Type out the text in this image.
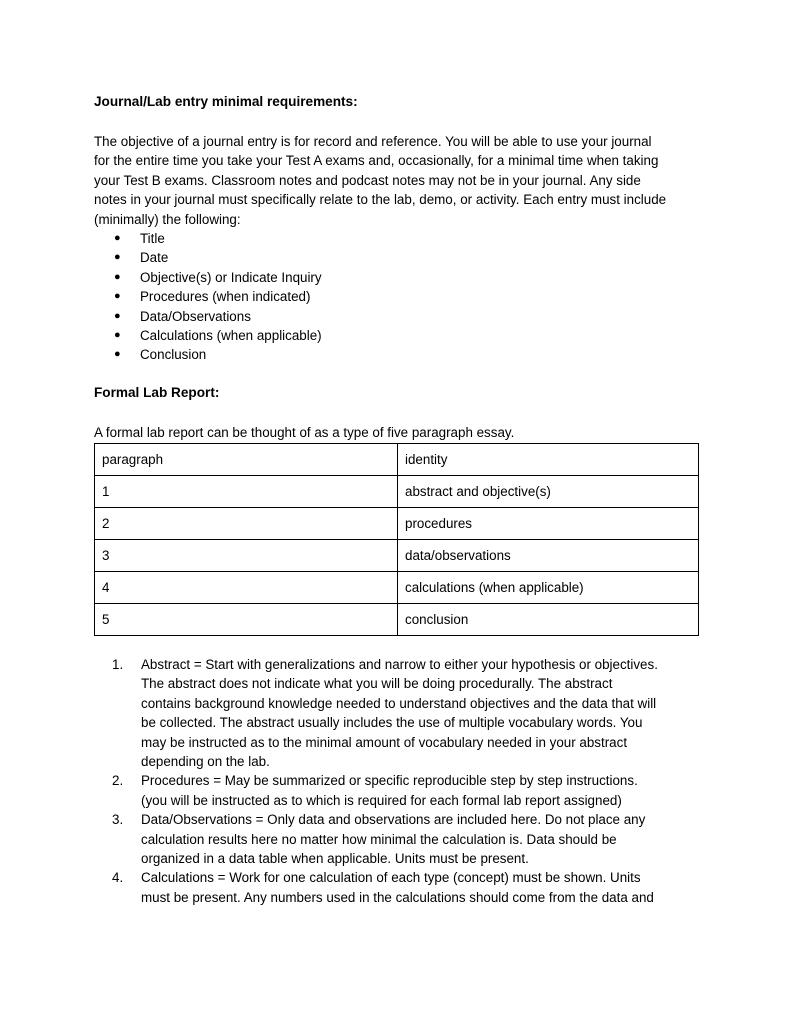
Journal/Lab entry minimal requirements:
The objective of a journal entry is for record and reference. You will be able to use your journal
for the entire time you take your Test A exams and, occasionally, for a minimal time when taking
your Test B exams. Classroom notes and podcast notes may not be in your journal. Any side
notes in your journal must specifically relate to the lab, demo, or activity. Each entry must include
(minimally) the following:
● Title
● Date
● Objective(s) or Indicate Inquiry
● Procedures (when indicated)
● Data/Observations
● Calculations (when applicable)
● Conclusion
Formal Lab Report:
A formal lab report can be thought of as a type of five paragraph essay.
paragraph	identity
1	abstract and objective(s)
2	procedures
3	data/observations
4	calculations (when applicable)
5	conclusion
1. Abstract = Start with generalizations and narrow to either your hypothesis or objectives.
The abstract does not indicate what you will be doing procedurally. The abstract
contains background knowledge needed to understand objectives and the data that will
be collected. The abstract usually includes the use of multiple vocabulary words. You
may be instructed as to the minimal amount of vocabulary needed in your abstract
depending on the lab.
2. Procedures = May be summarized or specific reproducible step by step instructions.
(you will be instructed as to which is required for each formal lab report assigned)
3. Data/Observations = Only data and observations are included here. Do not place any
calculation results here no matter how minimal the calculation is. Data should be
organized in a data table when applicable. Units must be present.
4. Calculations = Work for one calculation of each type (concept) must be shown. Units
must be present. Any numbers used in the calculations should come from the data and
